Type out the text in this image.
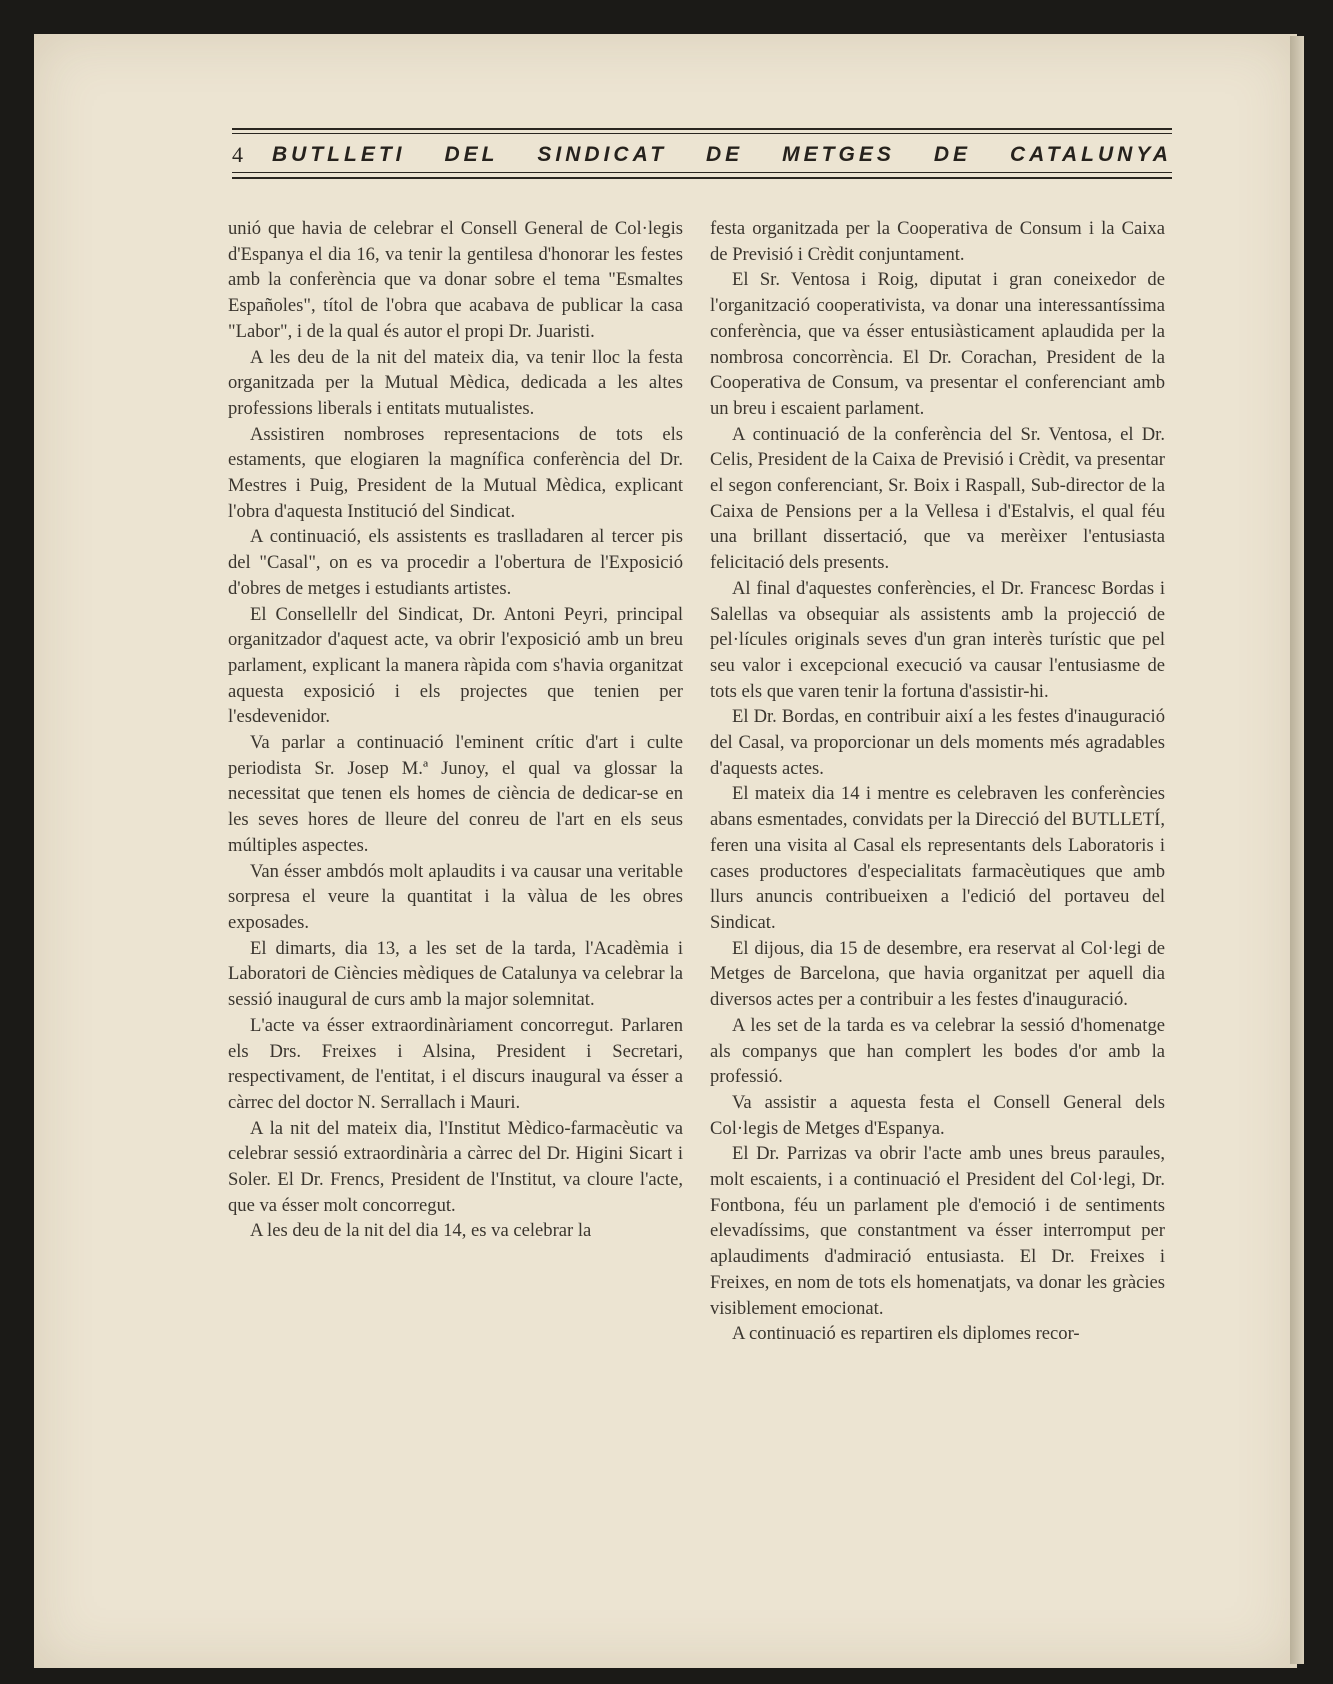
4	BUTLLETI DEL SINDICAT DE METGES DE CATALUNYA

unió que havia de celebrar el Consell General de Col·legis d'Espanya el dia 16, va tenir la gentilesa d'honorar les festes amb la conferència que va donar sobre el tema "Esmaltes Españoles", títol de l'obra que acabava de publicar la casa "Labor", i de la qual és autor el propi Dr. Juaristi.

A les deu de la nit del mateix dia, va tenir lloc la festa organitzada per la Mutual Mèdica, dedicada a les altes professions liberals i entitats mutualistes.

Assistiren nombroses representacions de tots els estaments, que elogiaren la magnífica conferència del Dr. Mestres i Puig, President de la Mutual Mèdica, explicant l'obra d'aquesta Institució del Sindicat.

A continuació, els assistents es traslladaren al tercer pis del "Casal", on es va procedir a l'obertura de l'Exposició d'obres de metges i estudiants artistes.

El Consellellr del Sindicat, Dr. Antoni Peyri, principal organitzador d'aquest acte, va obrir l'exposició amb un breu parlament, explicant la manera ràpida com s'havia organitzat aquesta exposició i els projectes que tenien per l'esdevenidor.

Va parlar a continuació l'eminent crític d'art i culte periodista Sr. Josep M.ª Junoy, el qual va glossar la necessitat que tenen els homes de ciència de dedicar-se en les seves hores de lleure del conreu de l'art en els seus múltiples aspectes.

Van ésser ambdós molt aplaudits i va causar una veritable sorpresa el veure la quantitat i la vàlua de les obres exposades.

El dimarts, dia 13, a les set de la tarda, l'Acadèmia i Laboratori de Ciències mèdiques de Catalunya va celebrar la sessió inaugural de curs amb la major solemnitat.

L'acte va ésser extraordinàriament concorregut. Parlaren els Drs. Freixes i Alsina, President i Secretari, respectivament, de l'entitat, i el discurs inaugural va ésser a càrrec del doctor N. Serrallach i Mauri.

A la nit del mateix dia, l'Institut Mèdico-farmacèutic va celebrar sessió extraordinària a càrrec del Dr. Higini Sicart i Soler. El Dr. Frencs, President de l'Institut, va cloure l'acte, que va ésser molt concorregut.

A les deu de la nit del dia 14, es va celebrar la

festa organitzada per la Cooperativa de Consum i la Caixa de Previsió i Crèdit conjuntament.

El Sr. Ventosa i Roig, diputat i gran coneixedor de l'organització cooperativista, va donar una interessantíssima conferència, que va ésser entusiàsticament aplaudida per la nombrosa concorrència. El Dr. Corachan, President de la Cooperativa de Consum, va presentar el conferenciant amb un breu i escaient parlament.

A continuació de la conferència del Sr. Ventosa, el Dr. Celis, President de la Caixa de Previsió i Crèdit, va presentar el segon conferenciant, Sr. Boix i Raspall, Sub-director de la Caixa de Pensions per a la Vellesa i d'Estalvis, el qual féu una brillant dissertació, que va merèixer l'entusiasta felicitació dels presents.

Al final d'aquestes conferències, el Dr. Francesc Bordas i Salellas va obsequiar als assistents amb la projecció de pel·lícules originals seves d'un gran interès turístic que pel seu valor i excepcional execució va causar l'entusiasme de tots els que varen tenir la fortuna d'assistir-hi.

El Dr. Bordas, en contribuir així a les festes d'inauguració del Casal, va proporcionar un dels moments més agradables d'aquests actes.

El mateix dia 14 i mentre es celebraven les conferències abans esmentades, convidats per la Direcció del BUTLLETÍ, feren una visita al Casal els representants dels Laboratoris i cases productores d'especialitats farmacèutiques que amb llurs anuncis contribueixen a l'edició del portaveu del Sindicat.

El dijous, dia 15 de desembre, era reservat al Col·legi de Metges de Barcelona, que havia organitzat per aquell dia diversos actes per a contribuir a les festes d'inauguració.

A les set de la tarda es va celebrar la sessió d'homenatge als companys que han complert les bodes d'or amb la professió.

Va assistir a aquesta festa el Consell General dels Col·legis de Metges d'Espanya.

El Dr. Parrizas va obrir l'acte amb unes breus paraules, molt escaients, i a continuació el President del Col·legi, Dr. Fontbona, féu un parlament ple d'emoció i de sentiments elevadíssims, que constantment va ésser interromput per aplaudiments d'admiració entusiasta. El Dr. Freixes i Freixes, en nom de tots els homenatjats, va donar les gràcies visiblement emocionat.

A continuació es repartiren els diplomes recor-
